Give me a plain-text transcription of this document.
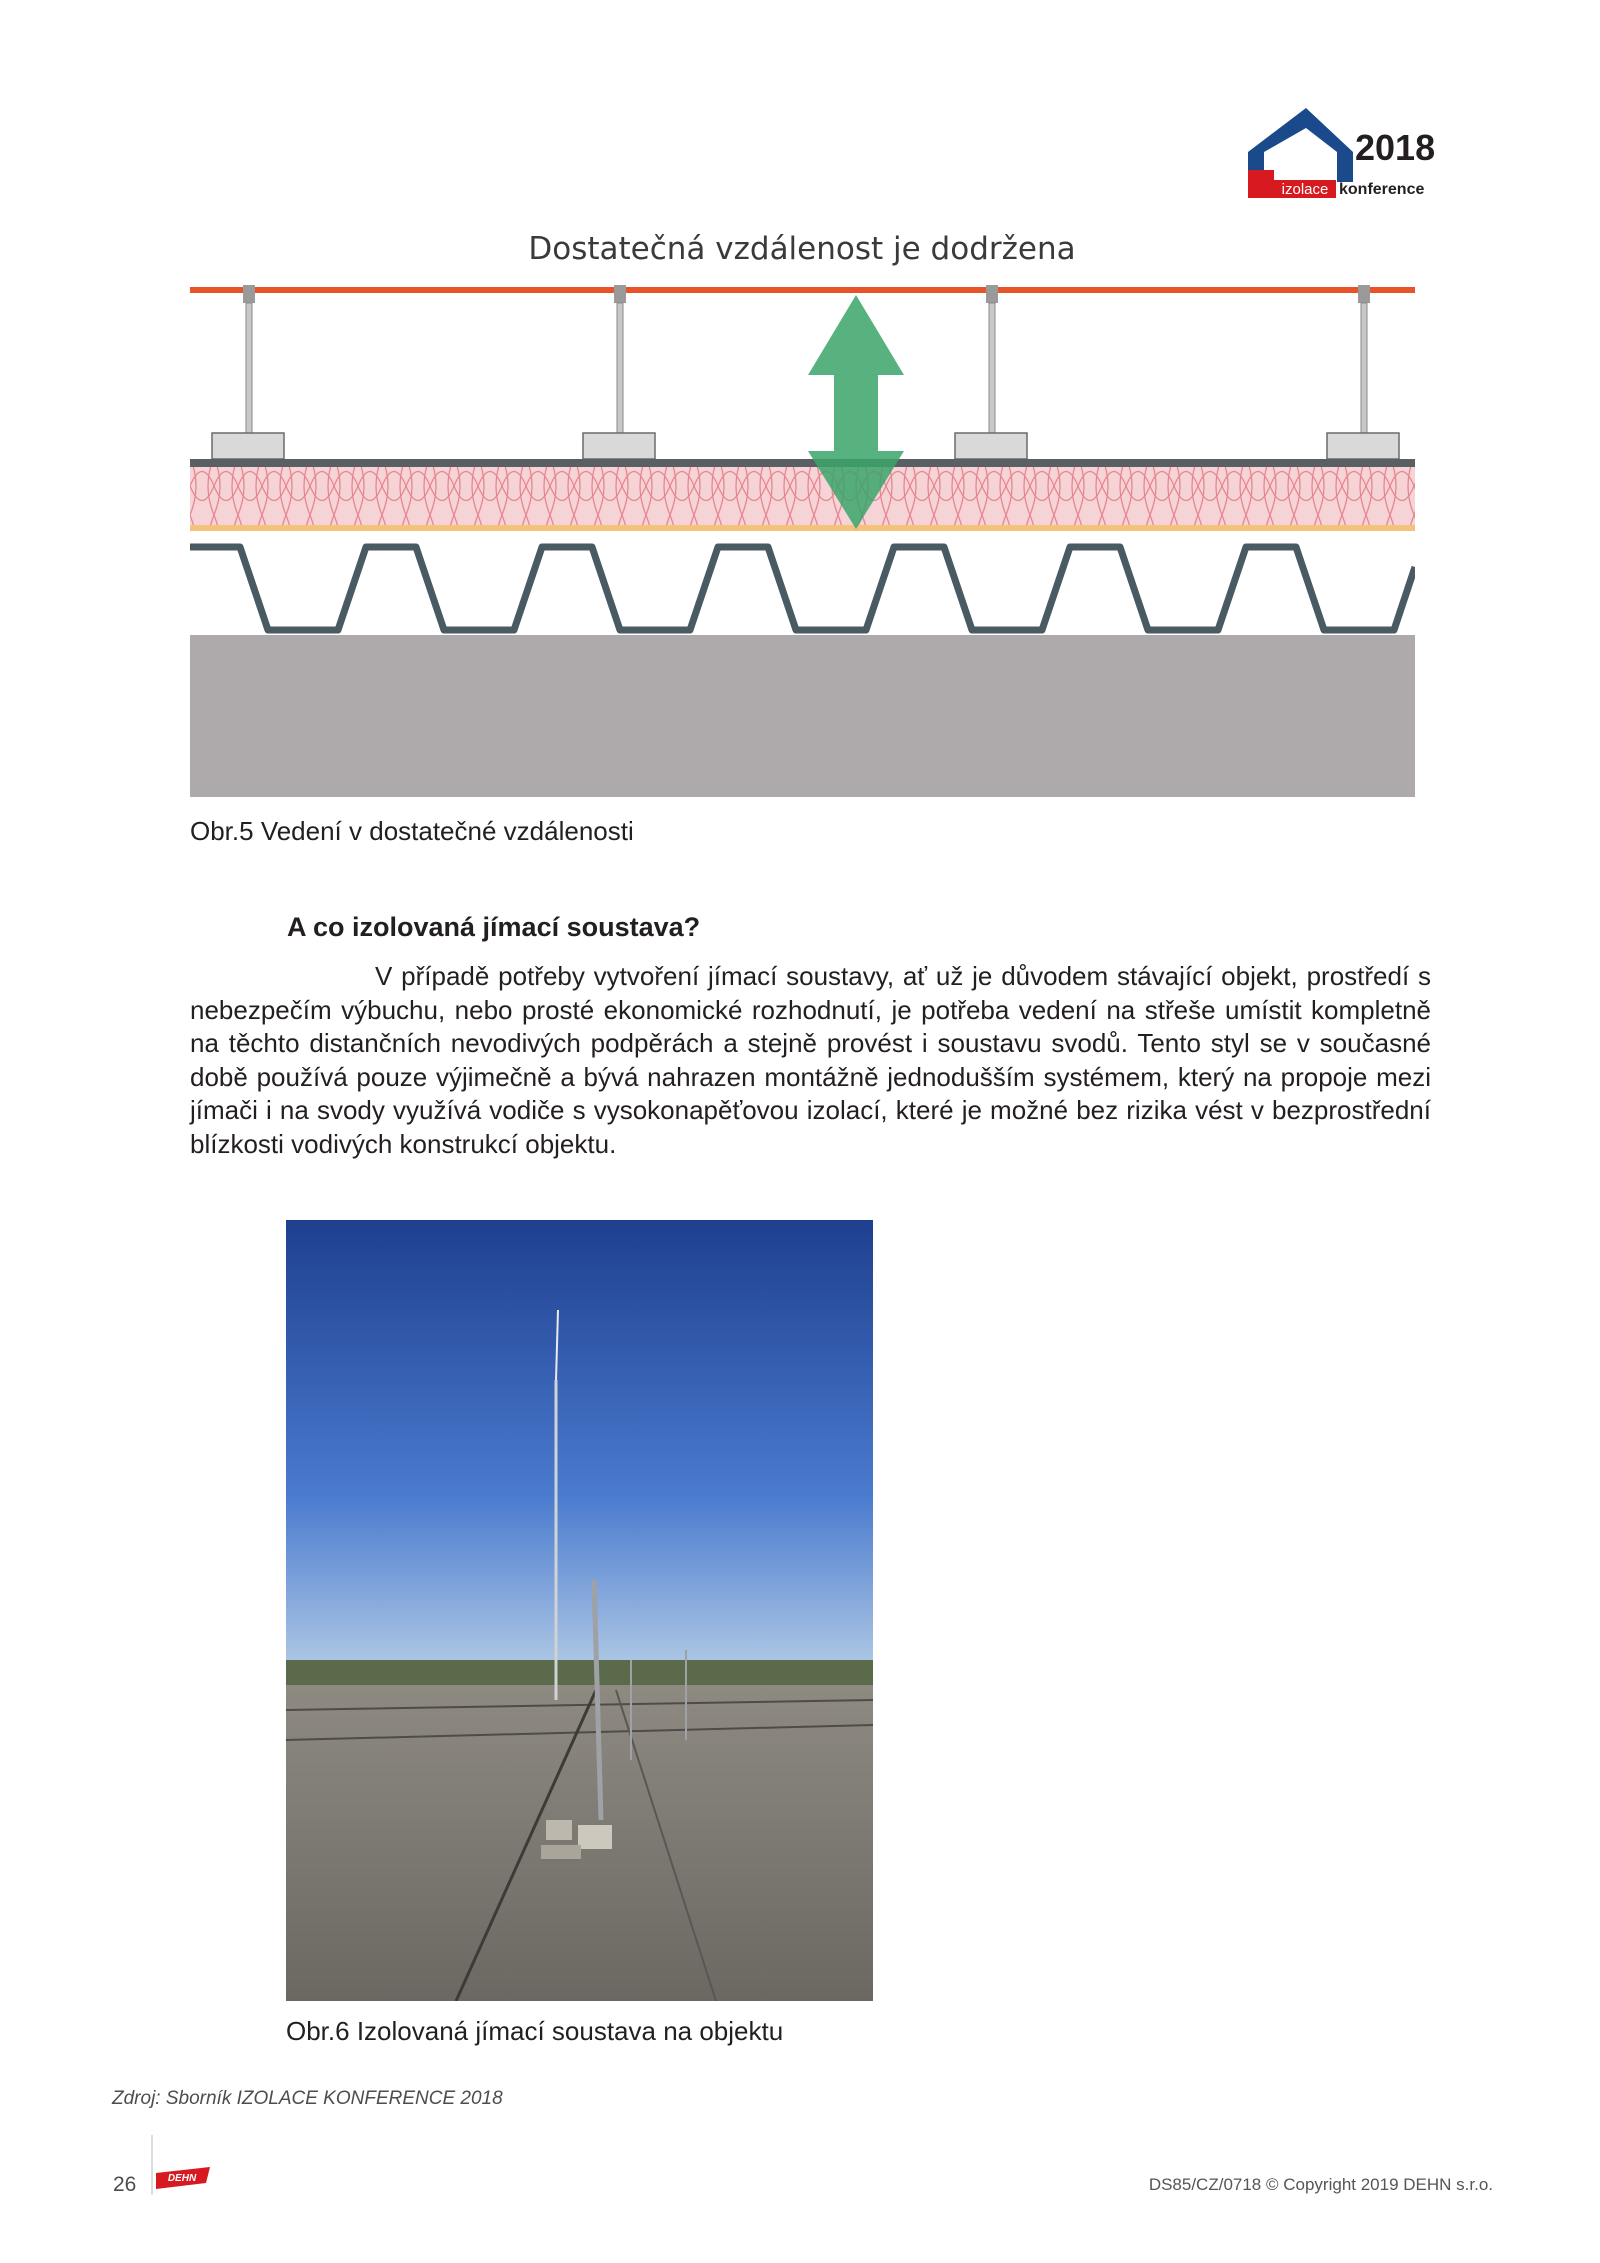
izolace
2018
konference
Dostatečná vzdálenost je dodržena
Obr.5 Vedení v dostatečné vzdálenosti
A co izolovaná jímací soustava?

V případě potřeby vytvoření jímací soustavy, ať už je důvodem stávající objekt, prostředí s nebezpečím výbuchu, nebo prosté ekonomické rozhodnutí, je potřeba vedení na střeše umístit kompletně na těchto distančních nevodivých podpěrách a stejně provést i soustavu svodů. Tento styl se v současné době používá pouze výjimečně a bývá nahrazen montážně jednodušším systémem, který na propoje mezi jímači i na svody využívá vodiče s vysokonapěťovou izolací, které je možné bez rizika vést v bezprostřední blízkosti vodivých konstrukcí objektu.

Obr.6 Izolovaná jímací soustava na objektu
Zdroj: Sborník IZOLACE KONFERENCE 2018
26	DEHN	DS85/CZ/0718 © Copyright 2019 DEHN s.r.o.
